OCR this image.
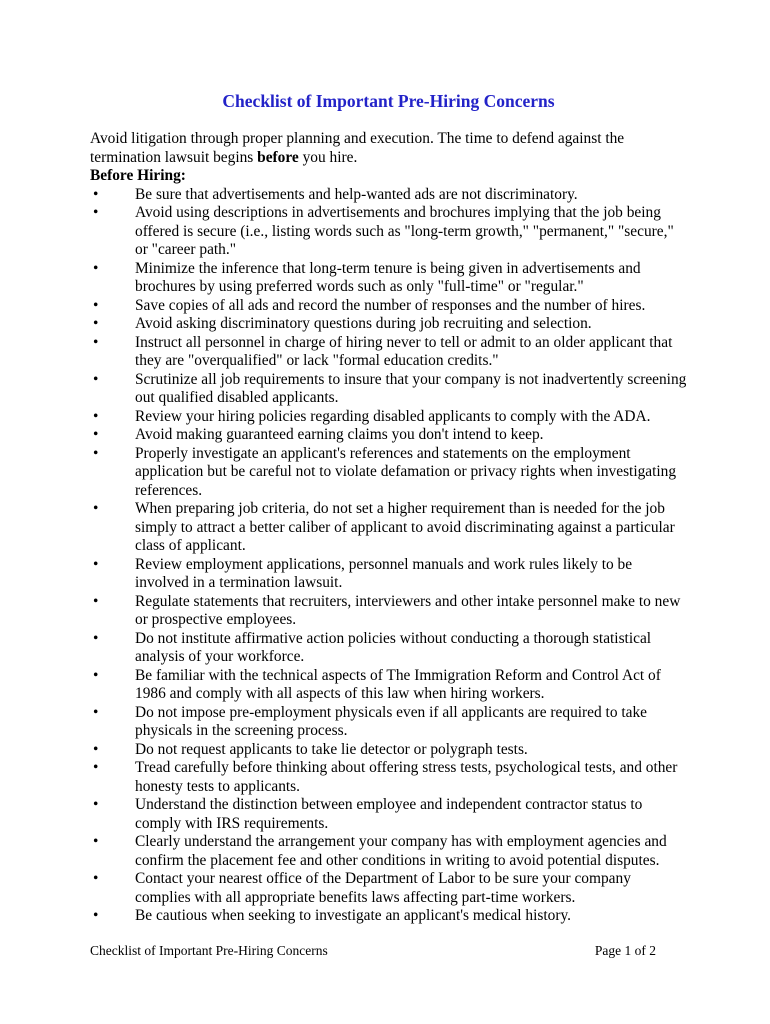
Checklist of Important Pre-Hiring Concerns

Avoid litigation through proper planning and execution. The time to defend against the termination lawsuit begins before you hire.

Before Hiring:

• Be sure that advertisements and help-wanted ads are not discriminatory.
• Avoid using descriptions in advertisements and brochures implying that the job being offered is secure (i.e., listing words such as "long-term growth," "permanent," "secure," or "career path."
• Minimize the inference that long-term tenure is being given in advertisements and brochures by using preferred words such as only "full-time" or "regular."
• Save copies of all ads and record the number of responses and the number of hires.
• Avoid asking discriminatory questions during job recruiting and selection.
• Instruct all personnel in charge of hiring never to tell or admit to an older applicant that they are "overqualified" or lack "formal education credits."
• Scrutinize all job requirements to insure that your company is not inadvertently screening out qualified disabled applicants.
• Review your hiring policies regarding disabled applicants to comply with the ADA.
• Avoid making guaranteed earning claims you don't intend to keep.
• Properly investigate an applicant's references and statements on the employment application but be careful not to violate defamation or privacy rights when investigating references.
• When preparing job criteria, do not set a higher requirement than is needed for the job simply to attract a better caliber of applicant to avoid discriminating against a particular class of applicant.
• Review employment applications, personnel manuals and work rules likely to be involved in a termination lawsuit.
• Regulate statements that recruiters, interviewers and other intake personnel make to new or prospective employees.
• Do not institute affirmative action policies without conducting a thorough statistical analysis of your workforce.
• Be familiar with the technical aspects of The Immigration Reform and Control Act of 1986 and comply with all aspects of this law when hiring workers.
• Do not impose pre-employment physicals even if all applicants are required to take physicals in the screening process.
• Do not request applicants to take lie detector or polygraph tests.
• Tread carefully before thinking about offering stress tests, psychological tests, and other honesty tests to applicants.
• Understand the distinction between employee and independent contractor status to comply with IRS requirements.
• Clearly understand the arrangement your company has with employment agencies and confirm the placement fee and other conditions in writing to avoid potential disputes.
• Contact your nearest office of the Department of Labor to be sure your company complies with all appropriate benefits laws affecting part-time workers.
• Be cautious when seeking to investigate an applicant's medical history.
Checklist of Important Pre-Hiring Concerns	Page 1 of 2
